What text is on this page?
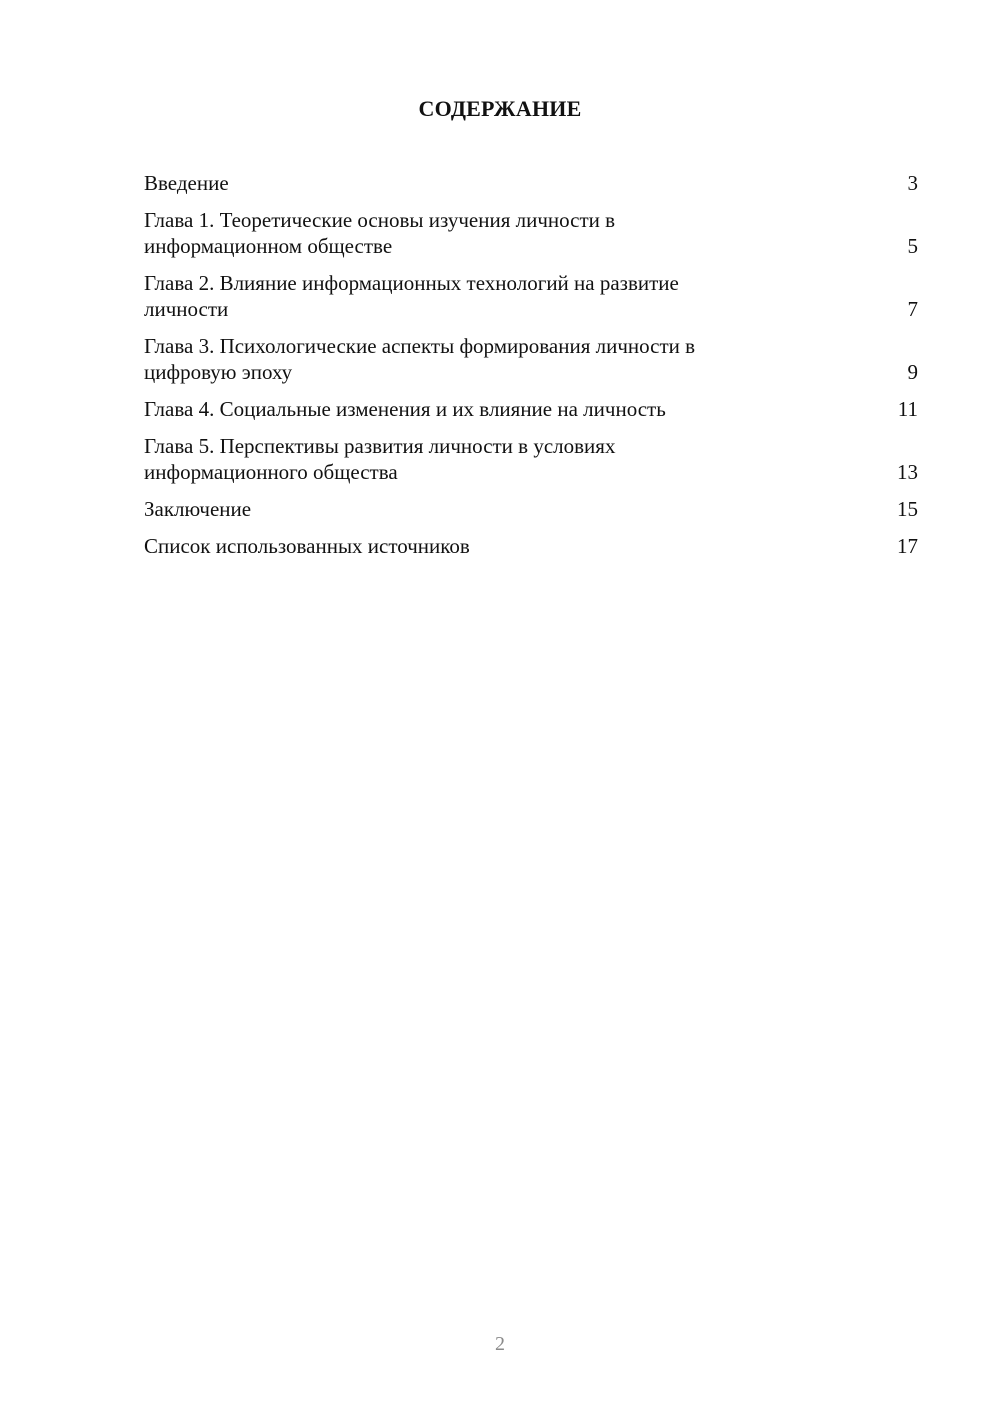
СОДЕРЖАНИЕ
Введение	3
Глава 1. Теоретические основы изучения личности в
информационном обществе	5
Глава 2. Влияние информационных технологий на развитие
личности	7
Глава 3. Психологические аспекты формирования личности в
цифровую эпоху	9
Глава 4. Социальные изменения и их влияние на личность	11
Глава 5. Перспективы развития личности в условиях
информационного общества	13
Заключение	15
Список использованных источников	17
2
